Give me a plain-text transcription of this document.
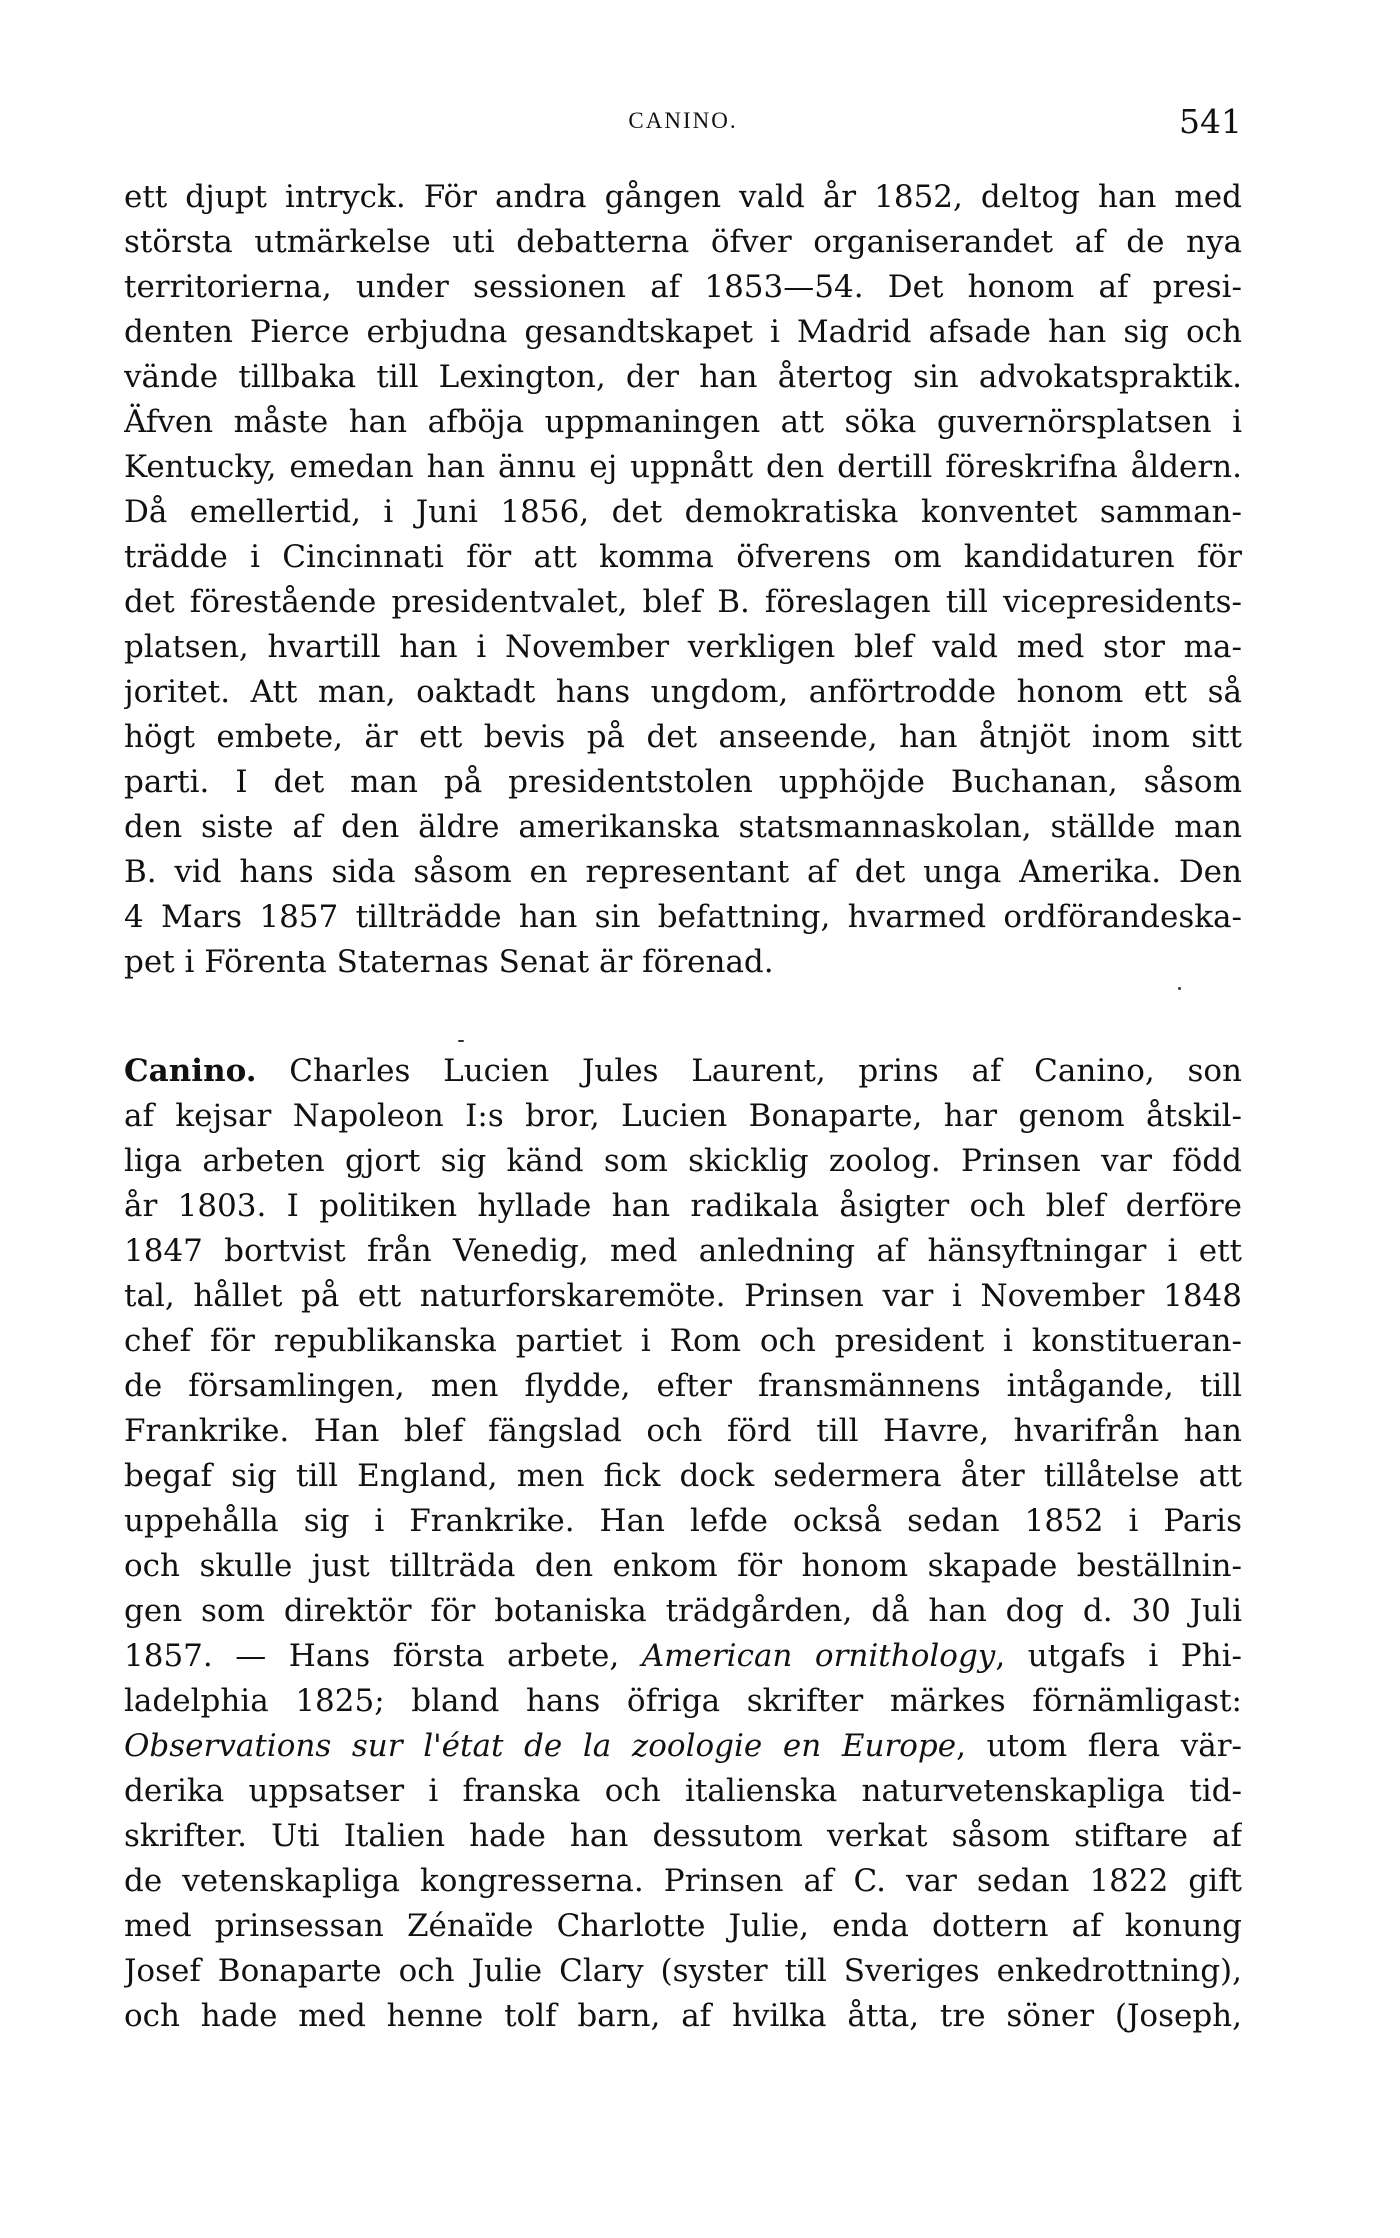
CANINO.	541
ett djupt intryck. För andra gången vald år 1852, deltog han med
största utmärkelse uti debatterna öfver organiserandet af de nya
territorierna, under sessionen af 1853—54. Det honom af presi-
denten Pierce erbjudna gesandtskapet i Madrid afsade han sig och
vände tillbaka till Lexington, der han återtog sin advokatspraktik.
Äfven måste han afböja uppmaningen att söka guvernörsplatsen i
Kentucky, emedan han ännu ej uppnått den dertill föreskrifna åldern.
Då emellertid, i Juni 1856, det demokratiska konventet samman-
trädde i Cincinnati för att komma öfverens om kandidaturen för
det förestående presidentvalet, blef B. föreslagen till vicepresidents-
platsen, hvartill han i November verkligen blef vald med stor ma-
joritet. Att man, oaktadt hans ungdom, anförtrodde honom ett så
högt embete, är ett bevis på det anseende, han åtnjöt inom sitt
parti. I det man på presidentstolen upphöjde Buchanan, såsom
den siste af den äldre amerikanska statsmannaskolan, ställde man
B. vid hans sida såsom en representant af det unga Amerika. Den
4 Mars 1857 tillträdde han sin befattning, hvarmed ordförandeska-
pet i Förenta Staternas Senat är förenad.
Canino. Charles Lucien Jules Laurent, prins af Canino, son
af kejsar Napoleon I:s bror, Lucien Bonaparte, har genom åtskil-
liga arbeten gjort sig känd som skicklig zoolog. Prinsen var född
år 1803. I politiken hyllade han radikala åsigter och blef derföre
1847 bortvist från Venedig, med anledning af hänsyftningar i ett
tal, hållet på ett naturforskaremöte. Prinsen var i November 1848
chef för republikanska partiet i Rom och president i konstitueran-
de församlingen, men flydde, efter fransmännens intågande, till
Frankrike. Han blef fängslad och förd till Havre, hvarifrån han
begaf sig till England, men fick dock sedermera åter tillåtelse att
uppehålla sig i Frankrike. Han lefde också sedan 1852 i Paris
och skulle just tillträda den enkom för honom skapade beställnin-
gen som direktör för botaniska trädgården, då han dog d. 30 Juli
1857. — Hans första arbete, American ornithology, utgafs i Phi-
ladelphia 1825; bland hans öfriga skrifter märkes förnämligast:
Observations sur l'état de la zoologie en Europe, utom flera vär-
derika uppsatser i franska och italienska naturvetenskapliga tid-
skrifter. Uti Italien hade han dessutom verkat såsom stiftare af
de vetenskapliga kongresserna. Prinsen af C. var sedan 1822 gift
med prinsessan Zénaïde Charlotte Julie, enda dottern af konung
Josef Bonaparte och Julie Clary (syster till Sveriges enkedrottning),
och hade med henne tolf barn, af hvilka åtta, tre söner (Joseph,
